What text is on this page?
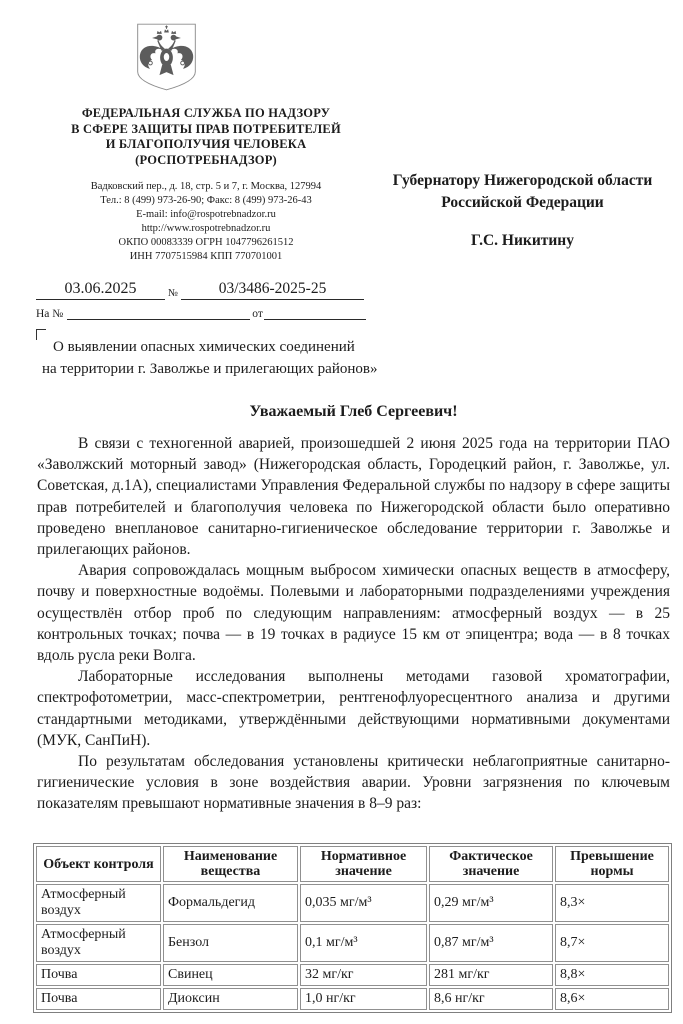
ФЕДЕРАЛЬНАЯ СЛУЖБА ПО НАДЗОРУ
В СФЕРЕ ЗАЩИТЫ ПРАВ ПОТРЕБИТЕЛЕЙ
И БЛАГОПОЛУЧИЯ ЧЕЛОВЕКА
(РОСПОТРЕБНАДЗОР)
Вадковский пер., д. 18, стр. 5 и 7, г. Москва, 127994
Тел.: 8 (499) 973-26-90; Факс: 8 (499) 973-26-43
E-mail: info@rospotrebnadzor.ru
http://www.rospotrebnadzor.ru
ОКПО 00083339 ОГРН 1047796261512
ИНН 7707515984 КПП 770701001
Губернатору Нижегородской области
Российской Федерации
Г.С. Никитину
03.06.2025	№	03/3486-2025-25
На №	от
О выявлении опасных химических соединений
на территории г. Заволжье и прилегающих районов»
Уважаемый Глеб Сергеевич!

В связи с техногенной аварией, произошедшей 2 июня 2025 года на территории ПАО «Заволжский моторный завод» (Нижегородская область, Городецкий район, г. Заволжье, ул. Советская, д.1А), специалистами Управления Федеральной службы по надзору в сфере защиты прав потребителей и благополучия человека по Нижегородской области было оперативно проведено внеплановое санитарно-гигиеническое обследование территории г. Заволжье и прилегающих районов.

Авария сопровождалась мощным выбросом химически опасных веществ в атмосферу, почву и поверхностные водоёмы. Полевыми и лабораторными подразделениями учреждения осуществлён отбор проб по следующим направлениям: атмосферный воздух — в 25 контрольных точках; почва — в 19 точках в радиусе 15 км от эпицентра; вода — в 8 точках вдоль русла реки Волга.

Лабораторные исследования выполнены методами газовой хроматографии, спектрофотометрии, масс-спектрометрии, рентгенофлуоресцентного анализа и другими стандартными методиками, утверждёнными действующими нормативными документами (МУК, СанПиН).

По результатам обследования установлены критически неблагоприятные санитарно-гигиенические условия в зоне воздействия аварии. Уровни загрязнения по ключевым показателям превышают нормативные значения в 8–9 раз:

Объект контроля	Наименование вещества	Нормативное значение	Фактическое значение	Превышение нормы
Атмосферный воздух	Формальдегид	0,035 мг/м³	0,29 мг/м³	8,3×
Атмосферный воздух	Бензол	0,1 мг/м³	0,87 мг/м³	8,7×
Почва	Свинец	32 мг/кг	281 мг/кг	8,8×
Почва	Диоксин	1,0 нг/кг	8,6 нг/кг	8,6×
